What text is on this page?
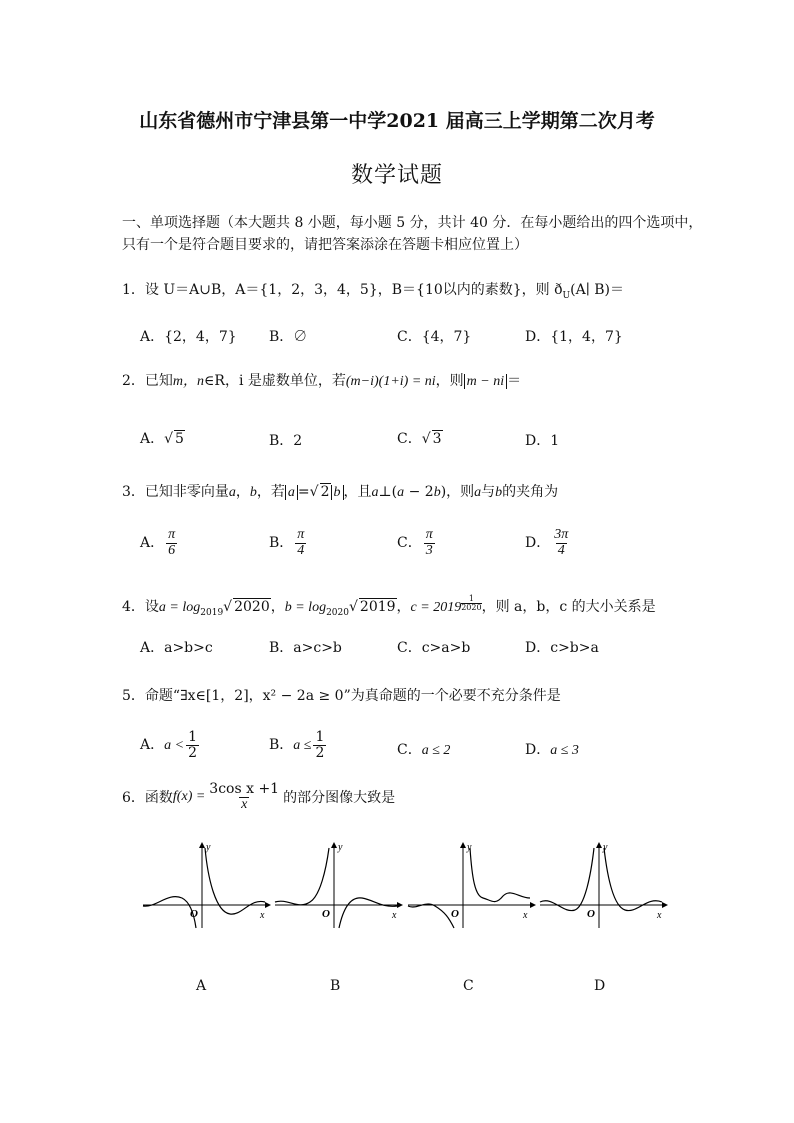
山东省德州市宁津县第一中学2021 届高三上学期第二次月考
数学试题
一、单项选择题（本大题共 8 小题，每小题 5 分，共计 40 分．在每小题给出的四个选项中，
只有一个是符合题目要求的，请把答案添涂在答题卡相应位置上）
1．设 U＝A∪B，A＝{1，2，3，4，5}，B＝{10以内的素数}，则 $ð_U(A∣$ B)＝
A．{2，4，7} B．∅	C．{4，7}	D．{1，4，7}
2．已知m，n∈R，i 是虚数单位，若(m−i)(1+i) = ni，则 m − ni ＝
A．√ 5	B．2	C．√ 3	D．1
3．已知非零向量a，b，若 a =√ 2 b ，且a⊥(a − 2b)，则a与b的夹角为
A． $\frac{\pi}{6}$	B． $\frac{\pi}{4}$	C． $\frac{\pi}{3}$	D． $\frac{3\pi}{4}$
4．设$a = \log_{2019}√$ 2020，$b = \log_{2020}√$ 2019，c = 2019 $^{\frac{1}{2020}}$ ，则 a，b，c 的大小关系是
A．a>b>c	B．a>c>b	C．c>a>b	D．c>b>a
5．命题“∃x∈[1，2]，x² − 2a ≥ 0”为真命题的一个必要不充分条件是
A．$a < \frac{1}{2}$	B．$a \le \frac{1}{2}$	C．a ≤ 2	D．a ≤ 3
6．函数$f(x) = \frac{\text{3cos x +1}}{x}$ 的部分图像大致是
y
x
O
y
x
O
y
x
O
y
x
O
A	B	C	D
